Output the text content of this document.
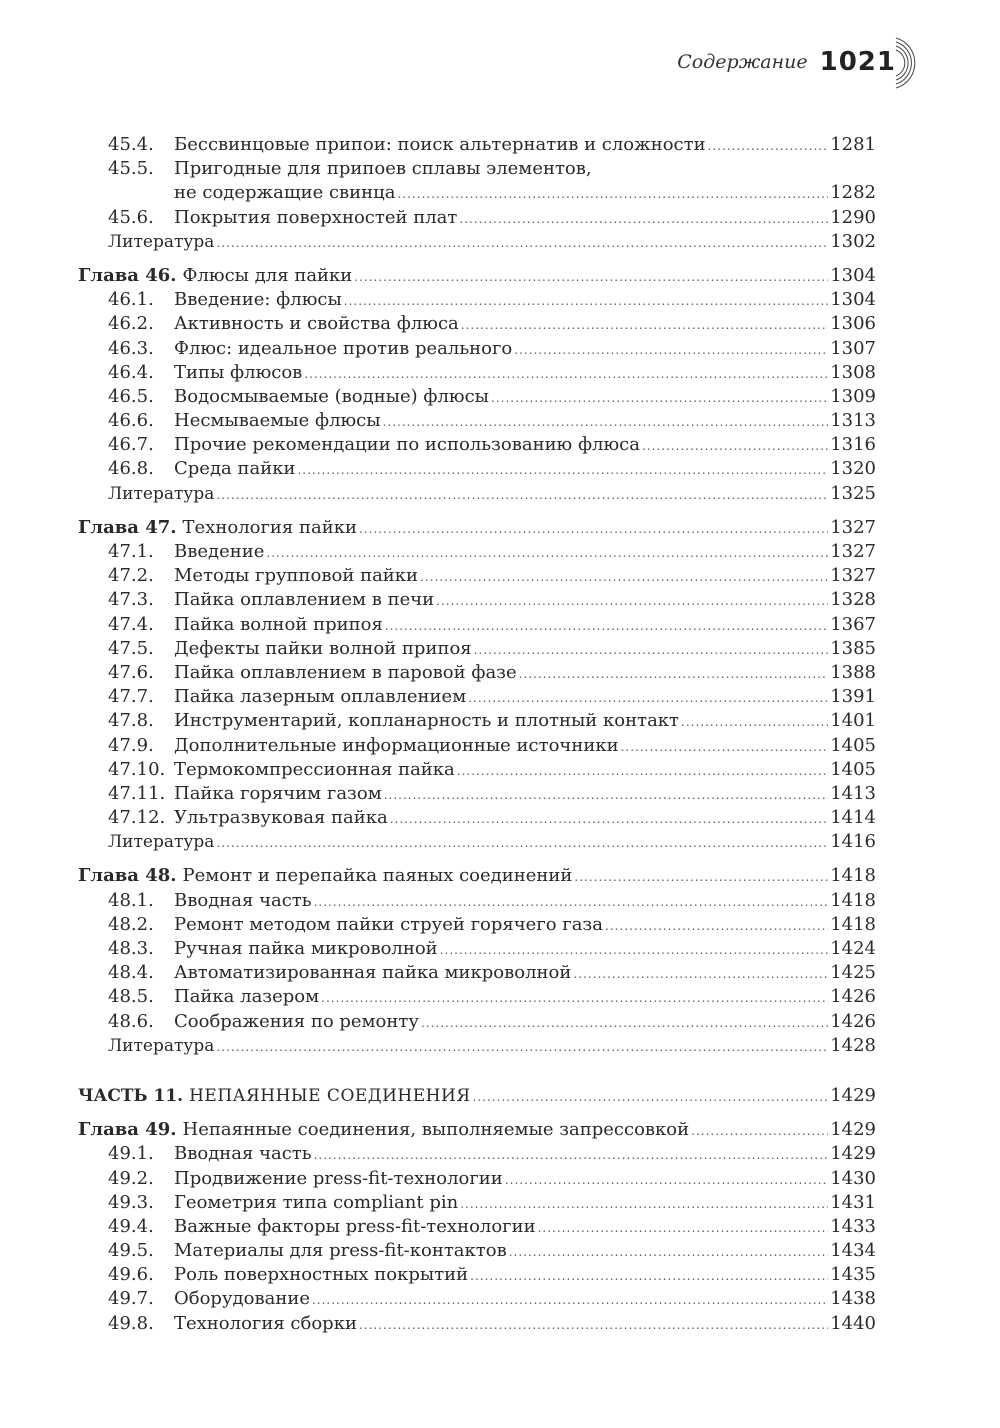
Содержание 1021
45.4.	Бессвинцовые припои: поиск альтернатив и сложности .....	1281
45.5.	Пригодные для припоев сплавы элементов,
не содержащие свинца .....	1282
45.6.	Покрытия поверхностей плат .....	1290
Литература .....	1302
Глава 46. Флюсы для пайки .....	1304
46.1.	Введение: флюсы .....	1304
46.2.	Активность и свойства флюса .....	1306
46.3.	Флюс: идеальное против реального .....	1307
46.4.	Типы флюсов .....	1308
46.5.	Водосмываемые (водные) флюсы .....	1309
46.6.	Несмываемые флюсы .....	1313
46.7.	Прочие рекомендации по использованию флюса .....	1316
46.8.	Среда пайки .....	1320
Литература .....	1325
Глава 47. Технология пайки .....	1327
47.1.	Введение .....	1327
47.2.	Методы групповой пайки .....	1327
47.3.	Пайка оплавлением в печи .....	1328
47.4.	Пайка волной припоя .....	1367
47.5.	Дефекты пайки волной припоя .....	1385
47.6.	Пайка оплавлением в паровой фазе .....	1388
47.7.	Пайка лазерным оплавлением .....	1391
47.8.	Инструментарий, копланарность и плотный контакт .....	1401
47.9.	Дополнительные информационные источники .....	1405
47.10. Термокомпрессионная пайка .....	1405
47.11. Пайка горячим газом .....	1413
47.12. Ультразвуковая пайка .....	1414
Литература .....	1416
Глава 48. Ремонт и перепайка паяных соединений .....	1418
48.1.	Вводная часть .....	1418
48.2.	Ремонт методом пайки струей горячего газа .....	1418
48.3.	Ручная пайка микроволной .....	1424
48.4.	Автоматизированная пайка микроволной .....	1425
48.5.	Пайка лазером .....	1426
48.6.	Соображения по ремонту .....	1426
Литература .....	1428
ЧАСТЬ 11. НЕПАЯННЫЕ СОЕДИНЕНИЯ .....	1429
Глава 49. Непаянные соединения, выполняемые запрессовкой .....	1429
49.1.	Вводная часть .....	1429
49.2.	Продвижение press-fit-технологии .....	1430
49.3.	Геометрия типа compliant pin .....	1431
49.4.	Важные факторы press-fit-технологии .....	1433
49.5.	Материалы для press-fit-контактов .....	1434
49.6.	Роль поверхностных покрытий .....	1435
49.7.	Оборудование .....	1438
49.8.	Технология сборки .....	1440
